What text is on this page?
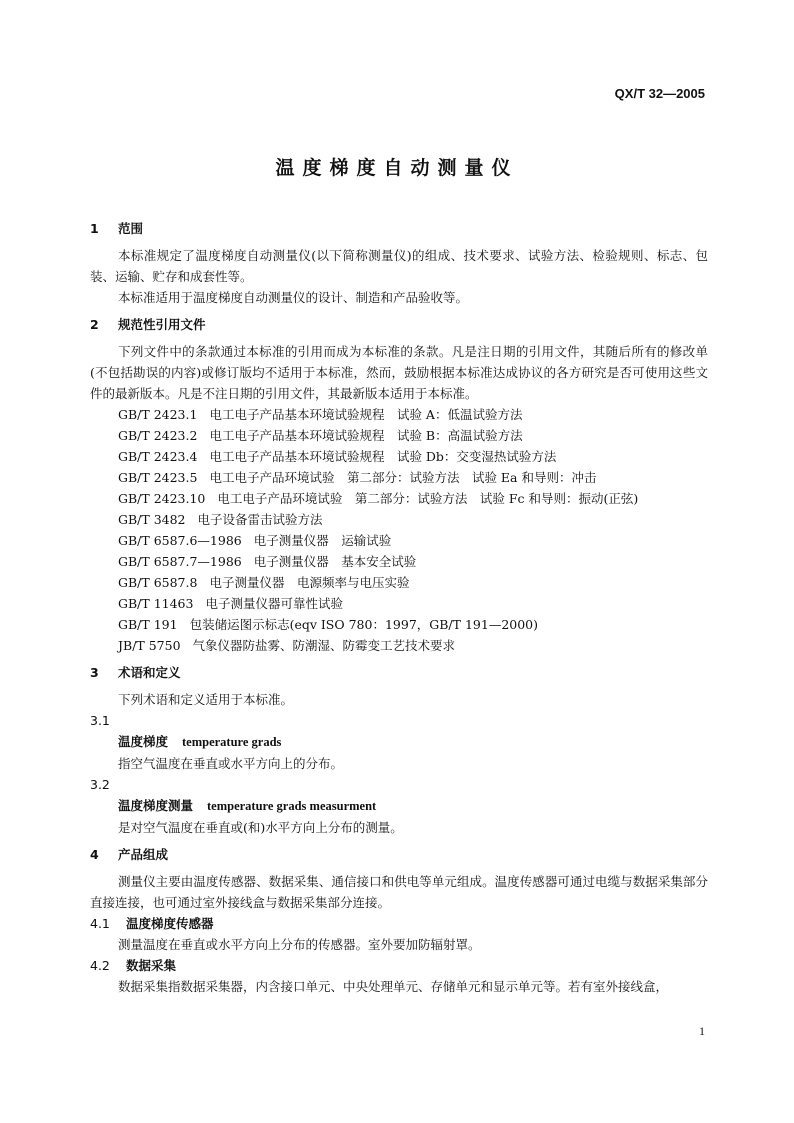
QX/T 32—2005
温度梯度自动测量仪
1 范围

本标准规定了温度梯度自动测量仪(以下简称测量仪)的组成、技术要求、试验方法、检验规则、标志、包装、运输、贮存和成套性等。

本标准适用于温度梯度自动测量仪的设计、制造和产品验收等。

2 规范性引用文件

下列文件中的条款通过本标准的引用而成为本标准的条款。凡是注日期的引用文件，其随后所有的修改单(不包括勘误的内容)或修订版均不适用于本标准，然而，鼓励根据本标准达成协议的各方研究是否可使用这些文件的最新版本。凡是不注日期的引用文件，其最新版本适用于本标准。

GB/T 2423.1 电工电子产品基本环境试验规程　试验 A：低温试验方法
GB/T 2423.2 电工电子产品基本环境试验规程　试验 B：高温试验方法
GB/T 2423.4 电工电子产品基本环境试验规程　试验 Db：交变湿热试验方法
GB/T 2423.5 电工电子产品环境试验　第二部分：试验方法　试验 Ea 和导则：冲击
GB/T 2423.10 电工电子产品环境试验　第二部分：试验方法　试验 Fc 和导则：振动(正弦)
GB/T 3482 电子设备雷击试验方法
GB/T 6587.6—1986 电子测量仪器　运输试验
GB/T 6587.7—1986 电子测量仪器　基本安全试验
GB/T 6587.8 电子测量仪器　电源频率与电压实验
GB/T 11463 电子测量仪器可靠性试验
GB/T 191 包装储运图示标志(eqv ISO 780：1997，GB/T 191—2000)
JB/T 5750 气象仪器防盐雾、防潮湿、防霉变工艺技术要求
3 术语和定义

下列术语和定义适用于本标准。

3.1
温度梯度 temperature grads

指空气温度在垂直或水平方向上的分布。

3.2
温度梯度测量 temperature grads measurment

是对空气温度在垂直或(和)水平方向上分布的测量。

4 产品组成

测量仪主要由温度传感器、数据采集、通信接口和供电等单元组成。温度传感器可通过电缆与数据采集部分直接连接，也可通过室外接线盒与数据采集部分连接。

4.1 温度梯度传感器

测量温度在垂直或水平方向上分布的传感器。室外要加防辐射罩。

4.2 数据采集

数据采集指数据采集器，内含接口单元、中央处理单元、存储单元和显示单元等。若有室外接线盒，

1
